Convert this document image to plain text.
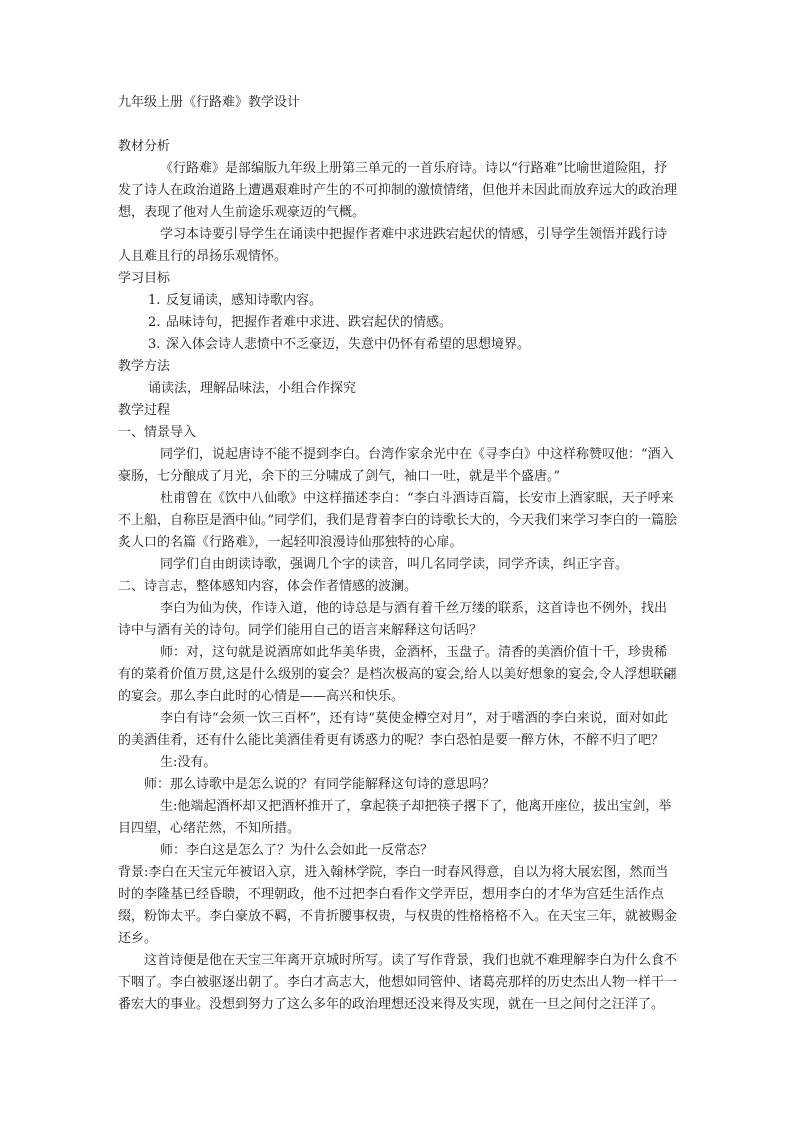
九年级上册《行路难》教学设计

教材分析

《行路难》是部编版九年级上册第三单元的一首乐府诗。诗以“行路难”比喻世道险阻，抒发了诗人在政治道路上遭遇艰难时产生的不可抑制的激愤情绪，但他并未因此而放弃远大的政治理想，表现了他对人生前途乐观豪迈的气概。

学习本诗要引导学生在诵读中把握作者难中求进跌宕起伏的情感，引导学生领悟并践行诗人且难且行的昂扬乐观情怀。

学习目标

1. 反复诵读，感知诗歌内容。

2. 品味诗句，把握作者难中求进、跌宕起伏的情感。

3. 深入体会诗人悲愤中不乏豪迈，失意中仍怀有希望的思想境界。

教学方法

诵读法，理解品味法，小组合作探究

教学过程

一、情景导入

同学们，说起唐诗不能不提到李白。台湾作家余光中在《寻李白》中这样称赞叹他：“酒入豪肠，七分酿成了月光，余下的三分啸成了剑气，袖口一吐，就是半个盛唐。”

杜甫曾在《饮中八仙歌》中这样描述李白：“李白斗酒诗百篇，长安市上酒家眠，天子呼来不上船，自称臣是酒中仙。”同学们，我们是背着李白的诗歌长大的，今天我们来学习李白的一篇脍炙人口的名篇《行路难》，一起轻叩浪漫诗仙那独特的心扉。

同学们自由朗读诗歌，强调几个字的读音，叫几名同学读，同学齐读，纠正字音。

二、诗言志，整体感知内容，体会作者情感的波澜。

李白为仙为侠，作诗入道，他的诗总是与酒有着千丝万缕的联系，这首诗也不例外，找出诗中与酒有关的诗句。同学们能用自己的语言来解释这句话吗？

师：对，这句就是说酒席如此华美华贵，金酒杯，玉盘子。清香的美酒价值十千，珍贵稀有的菜肴价值万贯,这是什么级别的宴会？是档次极高的宴会,给人以美好想象的宴会,令人浮想联翩的宴会。那么李白此时的心情是——高兴和快乐。

李白有诗“会须一饮三百杯”，还有诗“莫使金樽空对月”，对于嗜酒的李白来说，面对如此的美酒佳肴，还有什么能比美酒佳肴更有诱惑力的呢？李白恐怕是要一醉方休，不醉不归了吧？

生:没有。

师：那么诗歌中是怎么说的？有同学能解释这句诗的意思吗？

生:他端起酒杯却又把酒杯推开了，拿起筷子却把筷子撂下了，他离开座位，拔出宝剑，举目四望，心绪茫然，不知所措。

师：李白这是怎么了？为什么会如此一反常态？

背景:李白在天宝元年被诏入京，进入翰林学院，李白一时春风得意，自以为将大展宏图，然而当时的李隆基已经昏聩，不理朝政，他不过把李白看作文学弄臣，想用李白的才华为宫廷生活作点缀，粉饰太平。李白豪放不羁，不肯折腰事权贵，与权贵的性格格格不入。在天宝三年，就被赐金还乡。

这首诗便是他在天宝三年离开京城时所写。读了写作背景，我们也就不难理解李白为什么食不下咽了。李白被驱逐出朝了。李白才高志大，他想如同管仲、诸葛亮那样的历史杰出人物一样干一番宏大的事业。没想到努力了这么多年的政治理想还没来得及实现，就在一旦之间付之汪洋了。
